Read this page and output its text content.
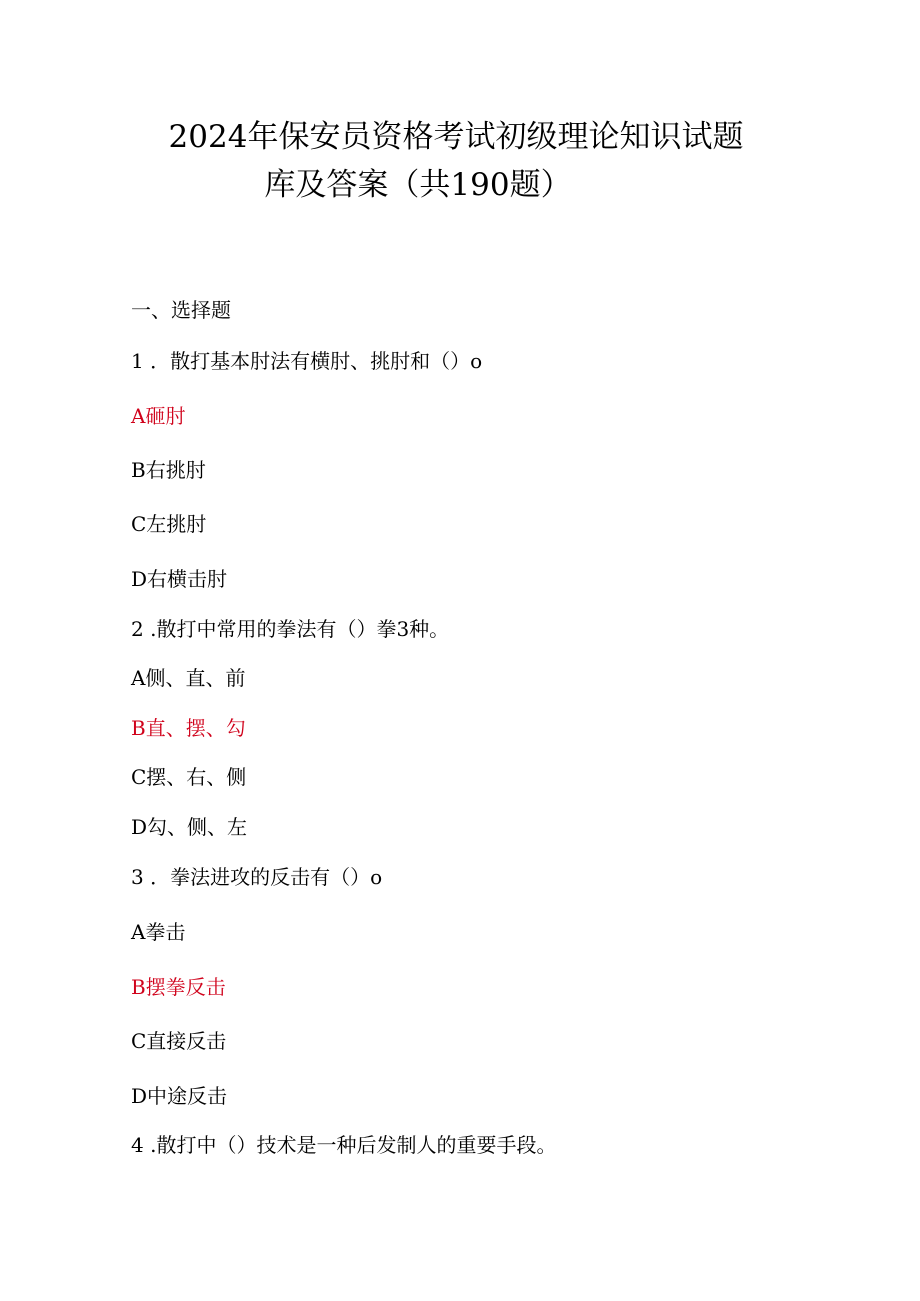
2024年保安员资格考试初级理论知识试题
库及答案（共190题）
一、选择题
1 ．散打基本肘法有横肘、挑肘和（）o
A砸肘
B右挑肘
C左挑肘
D右横击肘
2 .散打中常用的拳法有（）拳3种。
A侧、直、前
B直、摆、勾
C摆、右、侧
D勾、侧、左
3 ．拳法进攻的反击有（）o
A拳击
B摆拳反击
C直接反击
D中途反击
4 .散打中（）技术是一种后发制人的重要手段。
